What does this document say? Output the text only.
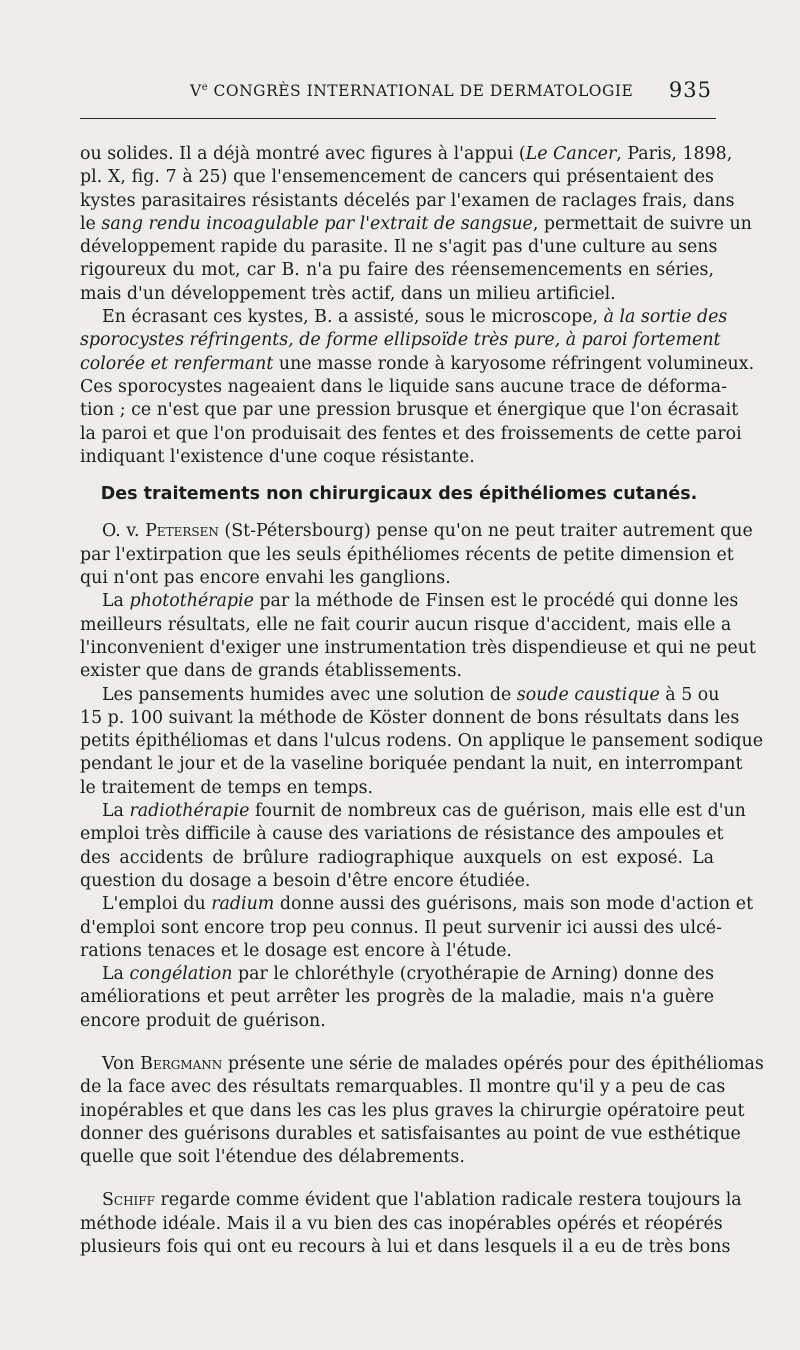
Ve CONGRÈS INTERNATIONAL DE DERMATOLOGIE 935
ou solides. Il a déjà montré avec figures à l'appui (Le Cancer, Paris, 1898,
pl. X, fig. 7 à 25) que l'ensemencement de cancers qui présentaient des
kystes parasitaires résistants décelés par l'examen de raclages frais, dans
le sang rendu incoagulable par l'extrait de sangsue, permettait de suivre un
développement rapide du parasite. Il ne s'agit pas d'une culture au sens
rigoureux du mot, car B. n'a pu faire des réensemencements en séries,
mais d'un développement très actif, dans un milieu artificiel.
En écrasant ces kystes, B. a assisté, sous le microscope, à la sortie des
sporocystes réfringents, de forme ellipsoïde très pure, à paroi fortement
colorée et renfermant une masse ronde à karyosome réfringent volumineux.
Ces sporocystes nageaient dans le liquide sans aucune trace de déforma-
tion ; ce n'est que par une pression brusque et énergique que l'on écrasait
la paroi et que l'on produisait des fentes et des froissements de cette paroi
indiquant l'existence d'une coque résistante.
Des traitements non chirurgicaux des épithéliomes cutanés.
O. v. Petersen (St-Pétersbourg) pense qu'on ne peut traiter autrement que
par l'extirpation que les seuls épithéliomes récents de petite dimension et
qui n'ont pas encore envahi les ganglions.
La photothérapie par la méthode de Finsen est le procédé qui donne les
meilleurs résultats, elle ne fait courir aucun risque d'accident, mais elle a
l'inconvenient d'exiger une instrumentation très dispendieuse et qui ne peut
exister que dans de grands établissements.
Les pansements humides avec une solution de soude caustique à 5 ou
15 p. 100 suivant la méthode de Köster donnent de bons résultats dans les
petits épithéliomas et dans l'ulcus rodens. On applique le pansement sodique
pendant le jour et de la vaseline boriquée pendant la nuit, en interrompant
le traitement de temps en temps.
La radiothérapie fournit de nombreux cas de guérison, mais elle est d'un
emploi très difficile à cause des variations de résistance des ampoules et
des accidents de brûlure radiographique auxquels on est exposé. La
question du dosage a besoin d'être encore étudiée.
L'emploi du radium donne aussi des guérisons, mais son mode d'action et
d'emploi sont encore trop peu connus. Il peut survenir ici aussi des ulcé-
rations tenaces et le dosage est encore à l'étude.
La congélation par le chloréthyle (cryothérapie de Arning) donne des
améliorations et peut arrêter les progrès de la maladie, mais n'a guère
encore produit de guérison.
Von Bergmann présente une série de malades opérés pour des épithéliomas
de la face avec des résultats remarquables. Il montre qu'il y a peu de cas
inopérables et que dans les cas les plus graves la chirurgie opératoire peut
donner des guérisons durables et satisfaisantes au point de vue esthétique
quelle que soit l'étendue des délabrements.
Schiff regarde comme évident que l'ablation radicale restera toujours la
méthode idéale. Mais il a vu bien des cas inopérables opérés et réopérés
plusieurs fois qui ont eu recours à lui et dans lesquels il a eu de très bons
